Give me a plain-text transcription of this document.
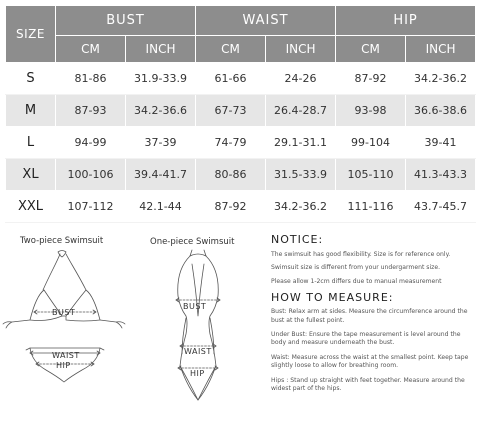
SIZE	BUST		WAIST		HIP	
	CM	INCH	CM	INCH	CM	INCH
S	81-86	31.9-33.9	61-66	24-26	87-92	34.2-36.2
M	87-93	34.2-36.6	67-73	26.4-28.7	93-98	36.6-38.6
L	94-99	37-39	74-79	29.1-31.1	99-104	39-41
XL	100-106	39.4-41.7	80-86	31.5-33.9	105-110	41.3-43.3
XXL	107-112	42.1-44	87-92	34.2-36.2	111-116	43.7-45.7
Two-piece Swimsuit
BUST
WAIST
HIP
One-piece Swimsuit
BUST
WAIST
HIP
NOTICE:

The swimsuit has good flexibility. Size is for reference only.

Swimsuit size is different from your undergarment size.

Please allow 1-2cm differs due to manual measurement

HOW TO MEASURE:

Bust: Relax arm at sides. Measure the circumference around the bust at the fullest point.

Under Bust: Ensure the tape measurement is level around the body and measure underneath the bust.

Waist: Measure across the waist at the smallest point. Keep tape slightly loose to allow for breathing room.

Hips : Stand up straight with feet together. Measure around the widest part of the hips.
